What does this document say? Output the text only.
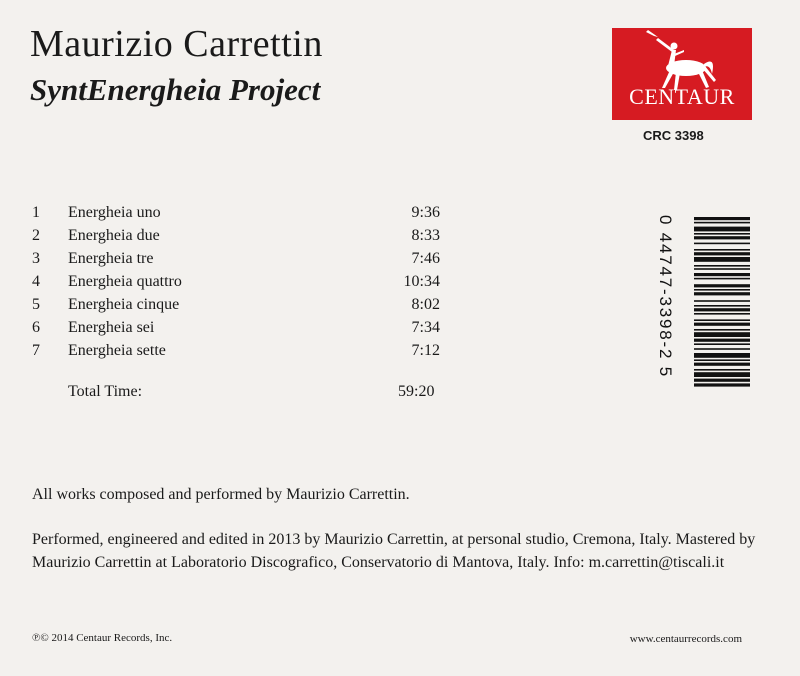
Maurizio Carrettin
SyntEnergheia Project	CENTAUR
CRC 3398
1 Energheia uno	9:36
2 Energheia due	8:33
3 Energheia tre	7:46
4 Energheia quattro	10:34
5 Energheia cinque	8:02
6 Energheia sei	7:34
7 Energheia sette	7:12
Total Time:	59:20
0 44747-3398-2 5
All works composed and performed by Maurizio Carrettin.
Performed, engineered and edited in 2013 by Maurizio Carrettin, at personal studio, Cremona, Italy. Mastered by Maurizio Carrettin at Laboratorio Discografico, Conservatorio di Mantova, Italy. Info: m.carrettin@tiscali.it
℗© 2014 Centaur Records, Inc.	www.centaurrecords.com
